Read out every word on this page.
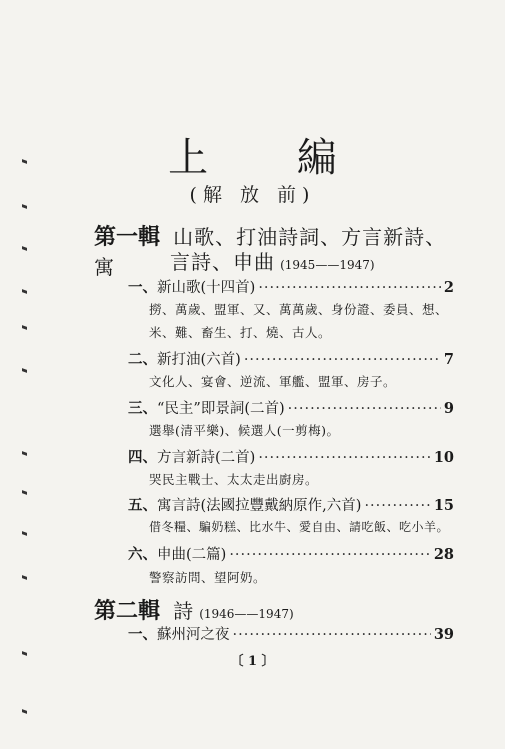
上 編
(解 放 前)
第一輯 山歌、打油詩詞、方言新詩、寓	言詩、申曲 (1945——1947)
一、 新山歌(十四首) ·····	2
撈、萬歲、盟軍、又、萬萬歲、身份證、委員、想、
米、難、畜生、打、燒、古人。
二、 新打油(六首) ·····	7
文化人、宴會、逆流、軍艦、盟軍、房子。
三、 “民主”即景詞(二首) ·····	9
選舉(清平樂)、候選人(一剪梅)。
四、 方言新詩(二首) ·····	10
哭民主戰士、太太走出廚房。
五、 寓言詩(法國拉豐戴納原作,六首) ·····	15
借冬糧、騙奶糕、比水牛、愛自由、請吃飯、吃小羊。
六、 申曲(二篇) ·····	28
警察訪問、望阿奶。
第二輯 詩 (1946——1947)
一、 蘇州河之夜 ·····	39
〔 1 〕
